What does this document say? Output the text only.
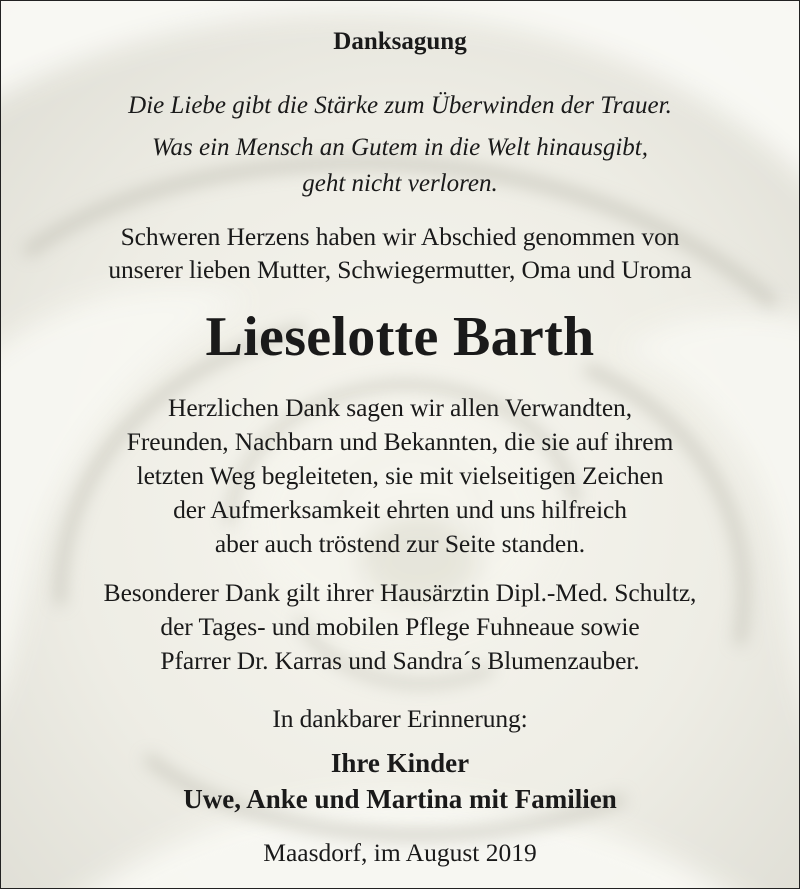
Danksagung
Die Liebe gibt die Stärke zum Überwinden der Trauer.
Was ein Mensch an Gutem in die Welt hinausgibt,
geht nicht verloren.
Schweren Herzens haben wir Abschied genommen von
unserer lieben Mutter, Schwiegermutter, Oma und Uroma
Lieselotte Barth
Herzlichen Dank sagen wir allen Verwandten,
Freunden, Nachbarn und Bekannten, die sie auf ihrem
letzten Weg begleiteten, sie mit vielseitigen Zeichen
der Aufmerksamkeit ehrten und uns hilfreich
aber auch tröstend zur Seite standen.
Besonderer Dank gilt ihrer Hausärztin Dipl.-Med. Schultz,
der Tages- und mobilen Pflege Fuhneaue sowie
Pfarrer Dr. Karras und Sandra´s Blumenzauber.
In dankbarer Erinnerung:
Ihre Kinder
Uwe, Anke und Martina mit Familien
Maasdorf, im August 2019
